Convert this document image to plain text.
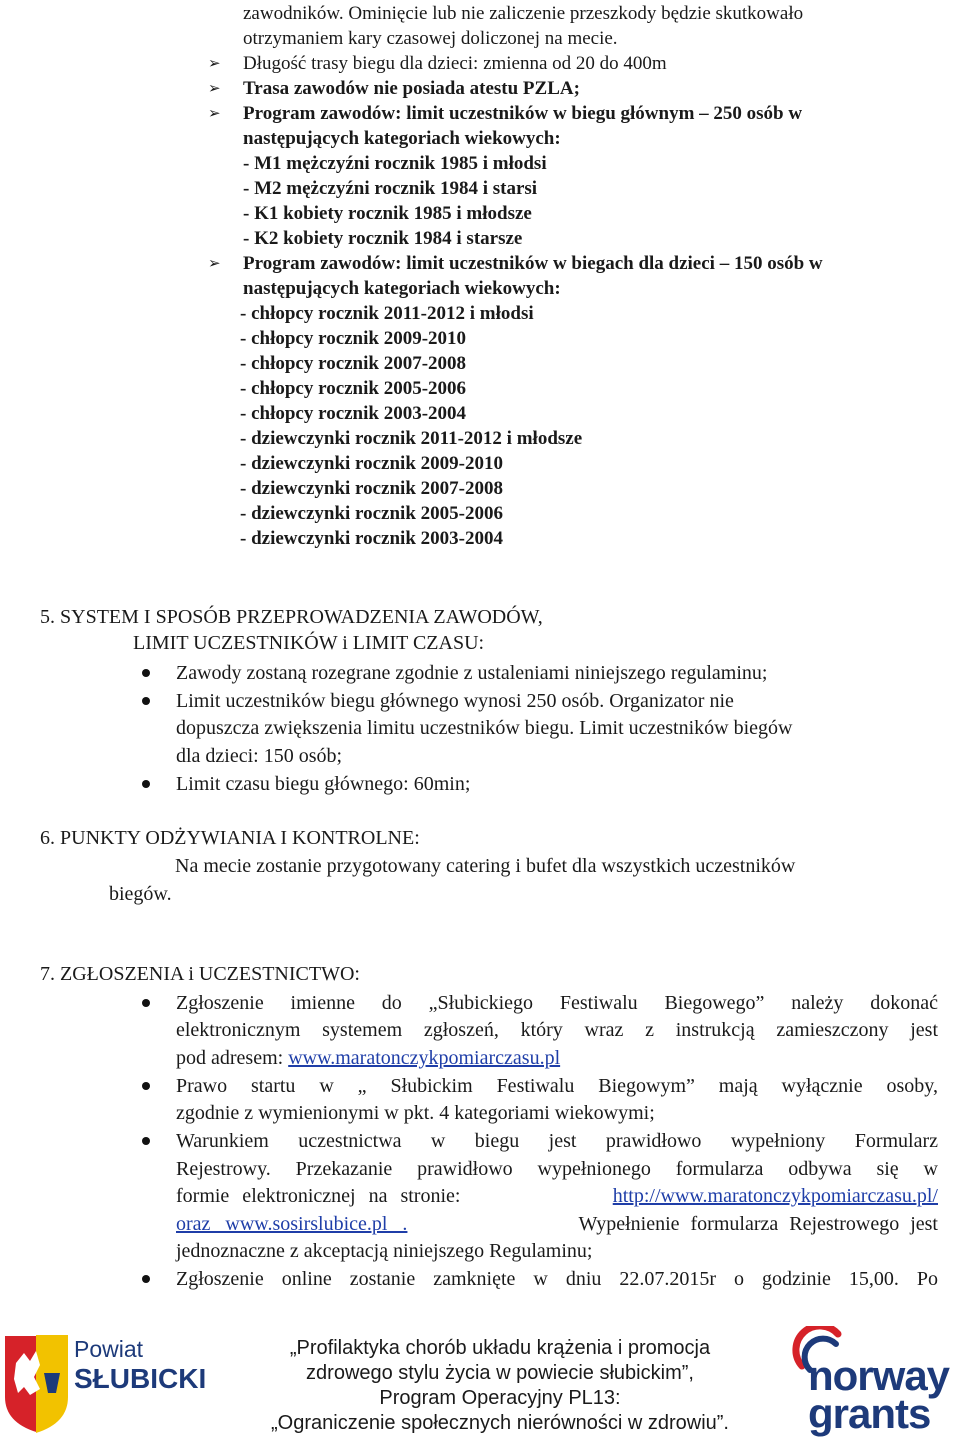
zawodników. Ominięcie lub nie zaliczenie przeszkody będzie skutkowało
otrzymaniem kary czasowej doliczonej na mecie.
➢ Długość trasy biegu dla dzieci: zmienna od 20 do 400m
➢ Trasa zawodów nie posiada atestu PZLA;
➢ Program zawodów: limit uczestników w biegu głównym – 250 osób w
następujących kategoriach wiekowych:
- M1 mężczyźni rocznik 1985 i młodsi
- M2 mężczyźni rocznik 1984 i starsi
- K1 kobiety rocznik 1985 i młodsze
- K2 kobiety rocznik 1984 i starsze
➢ Program zawodów: limit uczestników w biegach dla dzieci – 150 osób w
następujących kategoriach wiekowych:
- chłopcy rocznik 2011-2012 i młodsi
- chłopcy rocznik 2009-2010
- chłopcy rocznik 2007-2008
- chłopcy rocznik 2005-2006
- chłopcy rocznik 2003-2004
- dziewczynki rocznik 2011-2012 i młodsze
- dziewczynki rocznik 2009-2010
- dziewczynki rocznik 2007-2008
- dziewczynki rocznik 2005-2006
- dziewczynki rocznik 2003-2004
5. SYSTEM I SPOSÓB PRZEPROWADZENIA ZAWODÓW,
LIMIT UCZESTNIKÓW i LIMIT CZASU:
Zawody zostaną rozegrane zgodnie z ustaleniami niniejszego regulaminu;
Limit uczestników biegu głównego wynosi 250 osób. Organizator nie
dopuszcza zwiększenia limitu uczestników biegu. Limit uczestników biegów
dla dzieci: 150 osób;
Limit czasu biegu głównego: 60min;
6. PUNKTY ODŻYWIANIA I KONTROLNE:
Na mecie zostanie przygotowany catering i bufet dla wszystkich uczestników
biegów.
7. ZGŁOSZENIA i UCZESTNICTWO:
Zgłoszenie imienne do „Słubickiego Festiwalu Biegowego” należy dokonać
elektronicznym systemem zgłoszeń, który wraz z instrukcją zamieszczony jest
pod adresem: www.maratonczykpomiarczasu.pl
Prawo startu w „ Słubickim Festiwalu Biegowym” mają wyłącznie osoby,
zgodnie z wymienionymi w pkt. 4 kategoriami wiekowymi;
Warunkiem uczestnictwa w biegu jest prawidłowo wypełniony Formularz
Rejestrowy. Przekazanie prawidłowo wypełnionego formularza odbywa się w
formie elektronicznej na stronie:	http://www.maratonczykpomiarczasu.pl/
oraz   www.sosirslubice.pl   .	Wypełnienie formularza Rejestrowego jest
jednoznaczne z akceptacją niniejszego Regulaminu;
Zgłoszenie online zostanie zamknięte w dniu 22.07.2015r o godzinie 15,00. Po
Powiat
SŁUBICKI
„Profilaktyka chorób układu krążenia i promocja
zdrowego stylu życia w powiecie słubickim”,
Program Operacyjny PL13:
„Ograniczenie społecznych nierówności w zdrowiu”.
norway
grants
